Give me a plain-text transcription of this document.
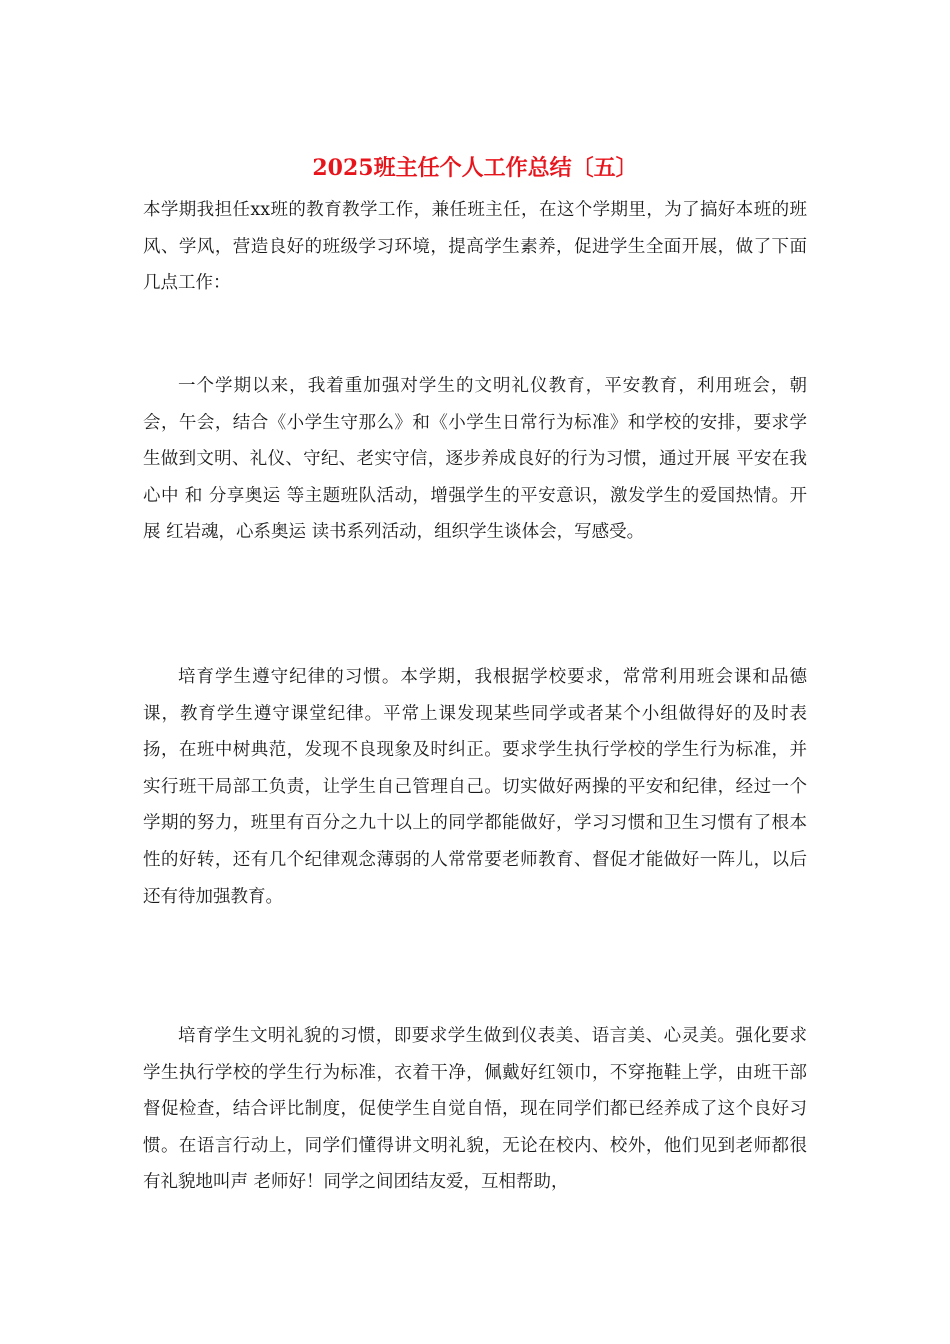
2025班主任个人工作总结〔五〕

本学期我担任xx班的教育教学工作，兼任班主任，在这个学期里，为了搞好本班的班风、学风，营造良好的班级学习环境，提高学生素养，促进学生全面开展，做了下面几点工作：

一个学期以来，我着重加强对学生的文明礼仪教育，平安教育，利用班会，朝会，午会，结合《小学生守那么》和《小学生日常行为标准》和学校的安排，要求学生做到文明、礼仪、守纪、老实守信，逐步养成良好的行为习惯，通过开展 平安在我心中 和 分享奥运 等主题班队活动，增强学生的平安意识，激发学生的爱国热情。开展 红岩魂，心系奥运 读书系列活动，组织学生谈体会，写感受。

培育学生遵守纪律的习惯。本学期，我根据学校要求，常常利用班会课和品德课，教育学生遵守课堂纪律。平常上课发现某些同学或者某个小组做得好的及时表扬，在班中树典范，发现不良现象及时纠正。要求学生执行学校的学生行为标准，并实行班干局部工负责，让学生自己管理自己。切实做好两操的平安和纪律，经过一个学期的努力，班里有百分之九十以上的同学都能做好，学习习惯和卫生习惯有了根本性的好转，还有几个纪律观念薄弱的人常常要老师教育、督促才能做好一阵儿，以后还有待加强教育。

培育学生文明礼貌的习惯，即要求学生做到仪表美、语言美、心灵美。强化要求学生执行学校的学生行为标准，衣着干净，佩戴好红领巾，不穿拖鞋上学，由班干部督促检查，结合评比制度，促使学生自觉自悟，现在同学们都已经养成了这个良好习惯。在语言行动上，同学们懂得讲文明礼貌，无论在校内、校外，他们见到老师都很有礼貌地叫声 老师好！同学之间团结友爱，互相帮助，
